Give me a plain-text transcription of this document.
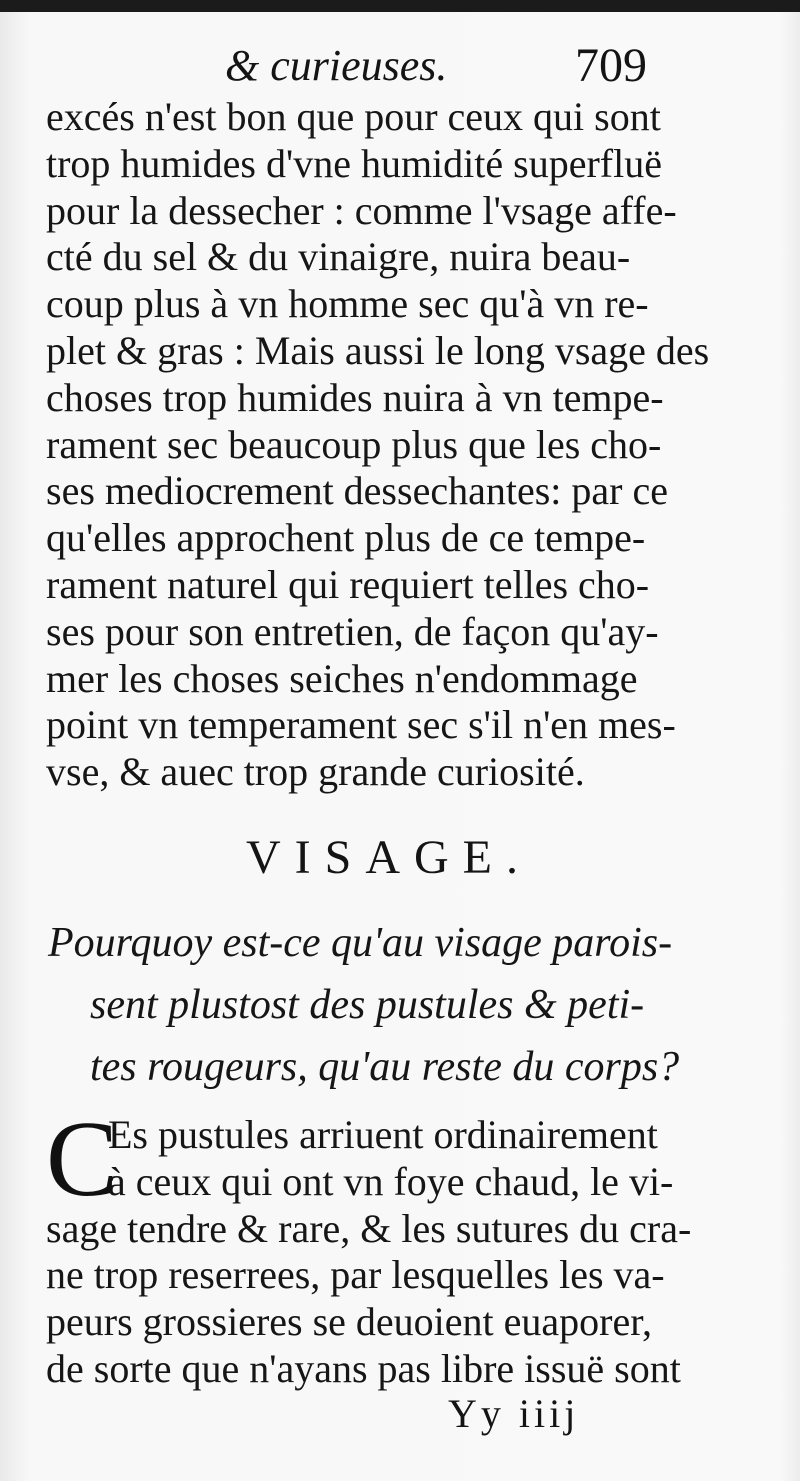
& curieuses.	709
excés n'est bon que pour ceux qui sont
trop humides d'vne humidité superfluë
pour la dessecher : comme l'vsage affe-
cté du sel & du vinaigre, nuira beau-
coup plus à vn homme sec qu'à vn re-
plet & gras : Mais aussi le long vsage des
choses trop humides nuira à vn tempe-
rament sec beaucoup plus que les cho-
ses mediocrement dessechantes: par ce
qu'elles approchent plus de ce tempe-
rament naturel qui requiert telles cho-
ses pour son entretien, de façon qu'ay-
mer les choses seiches n'endommage
point vn temperament sec s'il n'en mes-
vse, & auec trop grande curiosité.
VISAGE.
Pourquoy est-ce qu'au visage parois-
sent plustost des pustules & peti-
tes rougeurs, qu'au reste du corps?
C
Es pustules arriuent ordinairement
à ceux qui ont vn foye chaud, le vi-
sage tendre & rare, & les sutures du cra-
ne trop reserrees, par lesquelles les va-
peurs grossieres se deuoient euaporer,
de sorte que n'ayans pas libre issuë sont
Yy iiij
